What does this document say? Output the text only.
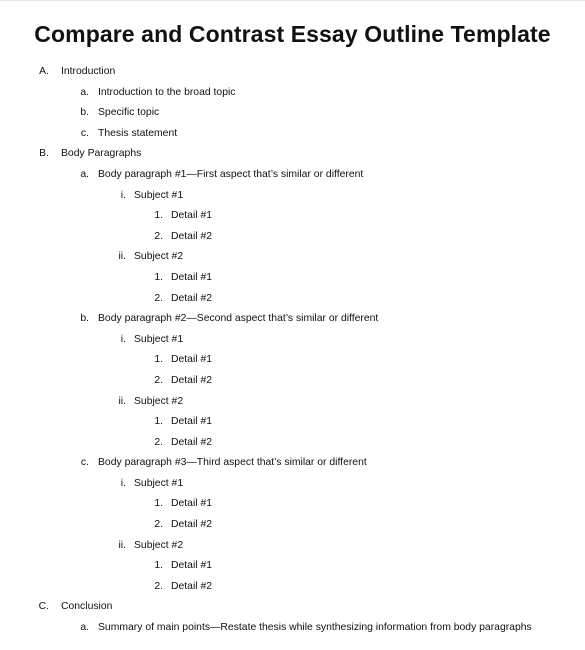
Compare and Contrast Essay Outline Template
A. Introduction
a. Introduction to the broad topic
b. Specific topic
c. Thesis statement
B. Body Paragraphs
a. Body paragraph #1—First aspect that’s similar or different
i. Subject #1
1. Detail #1
2. Detail #2
ii. Subject #2
1. Detail #1
2. Detail #2
b. Body paragraph #2—Second aspect that’s similar or different
i. Subject #1
1. Detail #1
2. Detail #2
ii. Subject #2
1. Detail #1
2. Detail #2
c. Body paragraph #3—Third aspect that’s similar or different
i. Subject #1
1. Detail #1
2. Detail #2
ii. Subject #2
1. Detail #1
2. Detail #2
C. Conclusion
a. Summary of main points—Restate thesis while synthesizing information from body paragraphs
